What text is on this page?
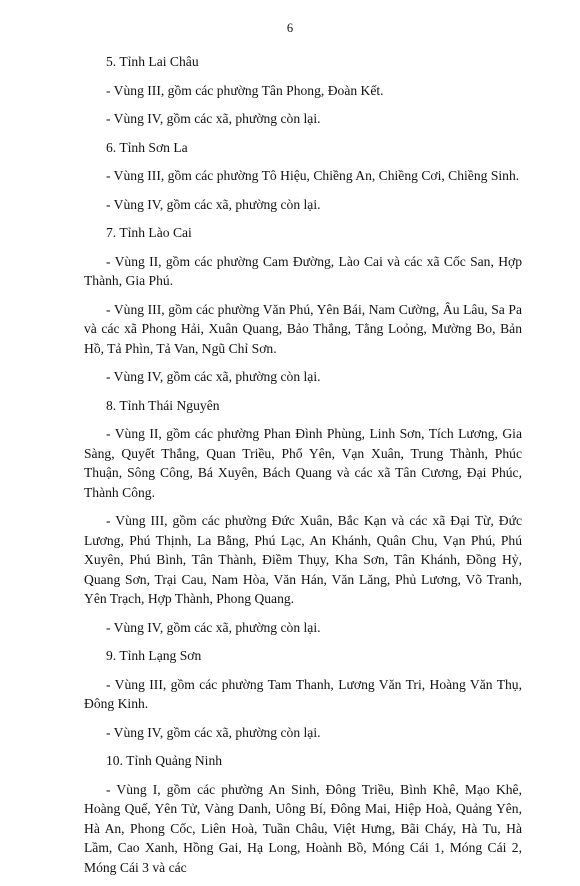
6

5. Tỉnh Lai Châu

- Vùng III, gồm các phường Tân Phong, Đoàn Kết.

- Vùng IV, gồm các xã, phường còn lại.

6. Tỉnh Sơn La

- Vùng III, gồm các phường Tô Hiệu, Chiềng An, Chiềng Cơi, Chiềng Sinh.

- Vùng IV, gồm các xã, phường còn lại.

7. Tỉnh Lào Cai

- Vùng II, gồm các phường Cam Đường, Lào Cai và các xã Cốc San, Hợp Thành, Gia Phú.

- Vùng III, gồm các phường Văn Phú, Yên Bái, Nam Cường, Âu Lâu, Sa Pa và các xã Phong Hải, Xuân Quang, Bảo Thắng, Tằng Loỏng, Mường Bo, Bản Hồ, Tả Phìn, Tả Van, Ngũ Chỉ Sơn.

- Vùng IV, gồm các xã, phường còn lại.

8. Tỉnh Thái Nguyên

- Vùng II, gồm các phường Phan Đình Phùng, Linh Sơn, Tích Lương, Gia Sàng, Quyết Thắng, Quan Triều, Phổ Yên, Vạn Xuân, Trung Thành, Phúc Thuận, Sông Công, Bá Xuyên, Bách Quang và các xã Tân Cương, Đại Phúc, Thành Công.

- Vùng III, gồm các phường Đức Xuân, Bắc Kạn và các xã Đại Từ, Đức Lương, Phú Thịnh, La Bằng, Phú Lạc, An Khánh, Quân Chu, Vạn Phú, Phú Xuyên, Phú Bình, Tân Thành, Điềm Thụy, Kha Sơn, Tân Khánh, Đồng Hỷ, Quang Sơn, Trại Cau, Nam Hòa, Văn Hán, Văn Lăng, Phủ Lương, Võ Tranh, Yên Trạch, Hợp Thành, Phong Quang.

- Vùng IV, gồm các xã, phường còn lại.

9. Tỉnh Lạng Sơn

- Vùng III, gồm các phường Tam Thanh, Lương Văn Tri, Hoàng Văn Thụ, Đông Kinh.

- Vùng IV, gồm các xã, phường còn lại.

10. Tỉnh Quảng Ninh

- Vùng I, gồm các phường An Sinh, Đông Triều, Bình Khê, Mạo Khê, Hoàng Quế, Yên Tử, Vàng Danh, Uông Bí, Đông Mai, Hiệp Hoà, Quảng Yên, Hà An, Phong Cốc, Liên Hoà, Tuần Châu, Việt Hưng, Bãi Cháy, Hà Tu, Hà Lầm, Cao Xanh, Hồng Gai, Hạ Long, Hoành Bồ, Móng Cái 1, Móng Cái 2, Móng Cái 3 và các
